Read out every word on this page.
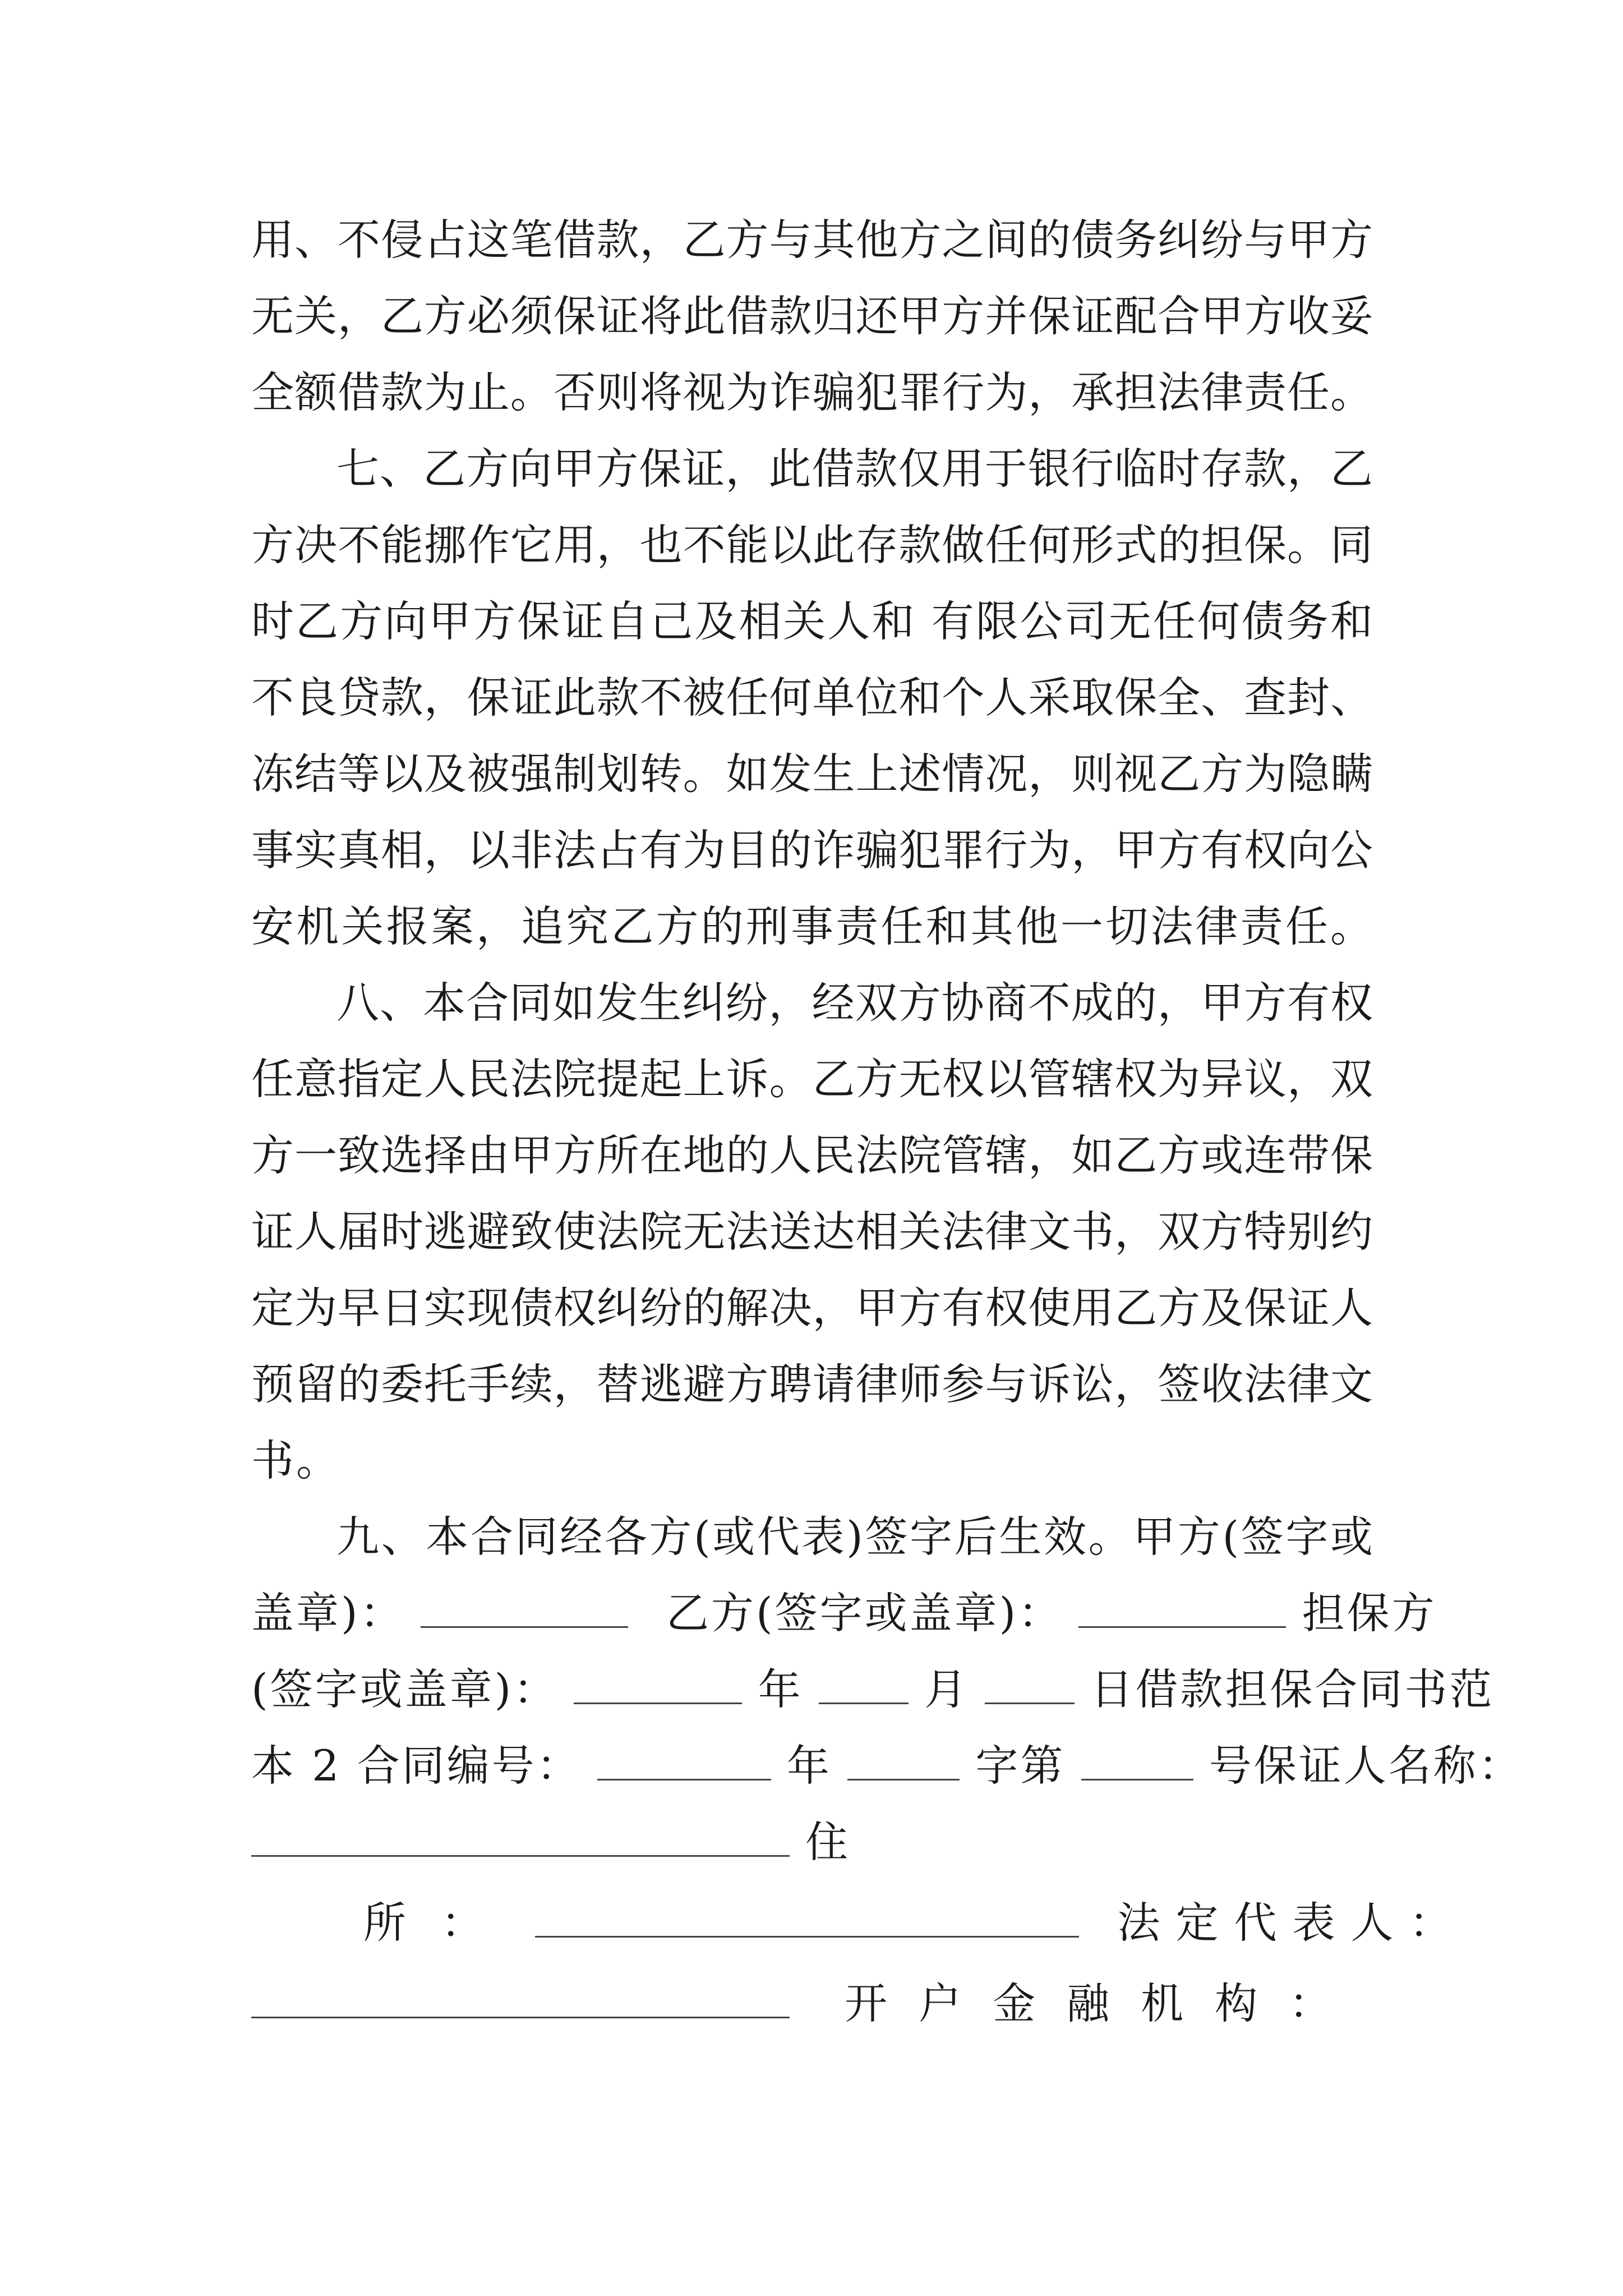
用、不侵占这笔借款，乙方与其他方之间的债务纠纷与甲方
无关，乙方必须保证将此借款归还甲方并保证配合甲方收妥
全额借款为止。否则将视为诈骗犯罪行为，承担法律责任。
七、乙方向甲方保证，此借款仅用于银行临时存款，乙
方决不能挪作它用，也不能以此存款做任何形式的担保。同
时乙方向甲方保证自己及相关人和 有限公司无任何债务和
不良贷款，保证此款不被任何单位和个人采取保全、查封、
冻结等以及被强制划转。如发生上述情况，则视乙方为隐瞒
事实真相，以非法占有为目的诈骗犯罪行为，甲方有权向公
安机关报案，追究乙方的刑事责任和其他一切法律责任。
八、本合同如发生纠纷，经双方协商不成的，甲方有权
任意指定人民法院提起上诉。乙方无权以管辖权为异议，双
方一致选择由甲方所在地的人民法院管辖，如乙方或连带保
证人届时逃避致使法院无法送达相关法律文书，双方特别约
定为早日实现债权纠纷的解决，甲方有权使用乙方及保证人
预留的委托手续，替逃避方聘请律师参与诉讼，签收法律文
书。
九、本合同经各方(或代表)签字后生效。甲方(签字或
盖章)：	乙方(签字或盖章)：	担保方
(签字或盖章)：	年	月	日借款担保合同书范
本 2 合同编号：	年	字第	号保证人名称：
住
所 ：	法定代表人：
开户金融机构：
